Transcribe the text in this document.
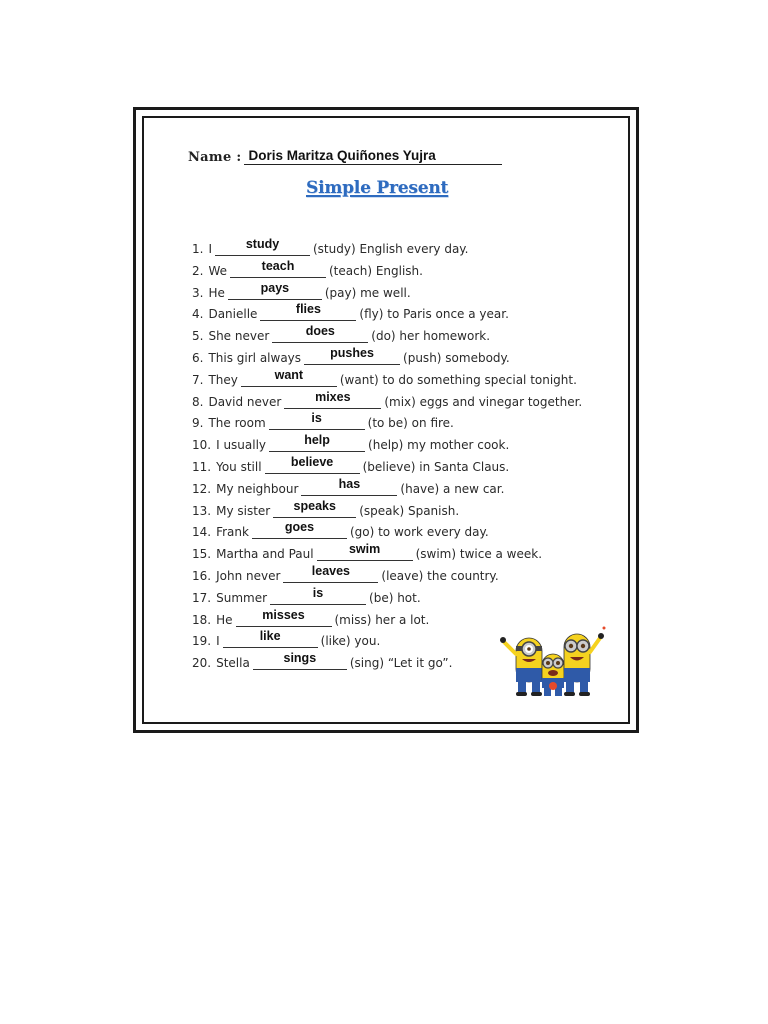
Name : Doris Maritza Quiñones Yujra
Simple Present
1. I	study	(study) English every day.
2. We	teach	(teach) English.
3. He	pays	(pay) me well.
4. Danielle	flies	(fly) to Paris once a year.
5. She never	does	(do) her homework.
6. This girl always	pushes	(push) somebody.
7. They	want	(want) to do something special tonight.
8. David never	mixes	(mix) eggs and vinegar together.
9. The room	is	(to be) on fire.
10. I usually	help	(help) my mother cook.
11. You still	believe	(believe) in Santa Claus.
12. My neighbour	has	(have) a new car.
13. My sister	speaks	(speak) Spanish.
14. Frank	goes	(go) to work every day.
15. Martha and Paul	swim	(swim) twice a week.
16. John never	leaves	(leave) the country.
17. Summer	is	(be) hot.
18. He	misses	(miss) her a lot.
19. I	like	(like) you.
20. Stella	sings	(sing) “Let it go”.
